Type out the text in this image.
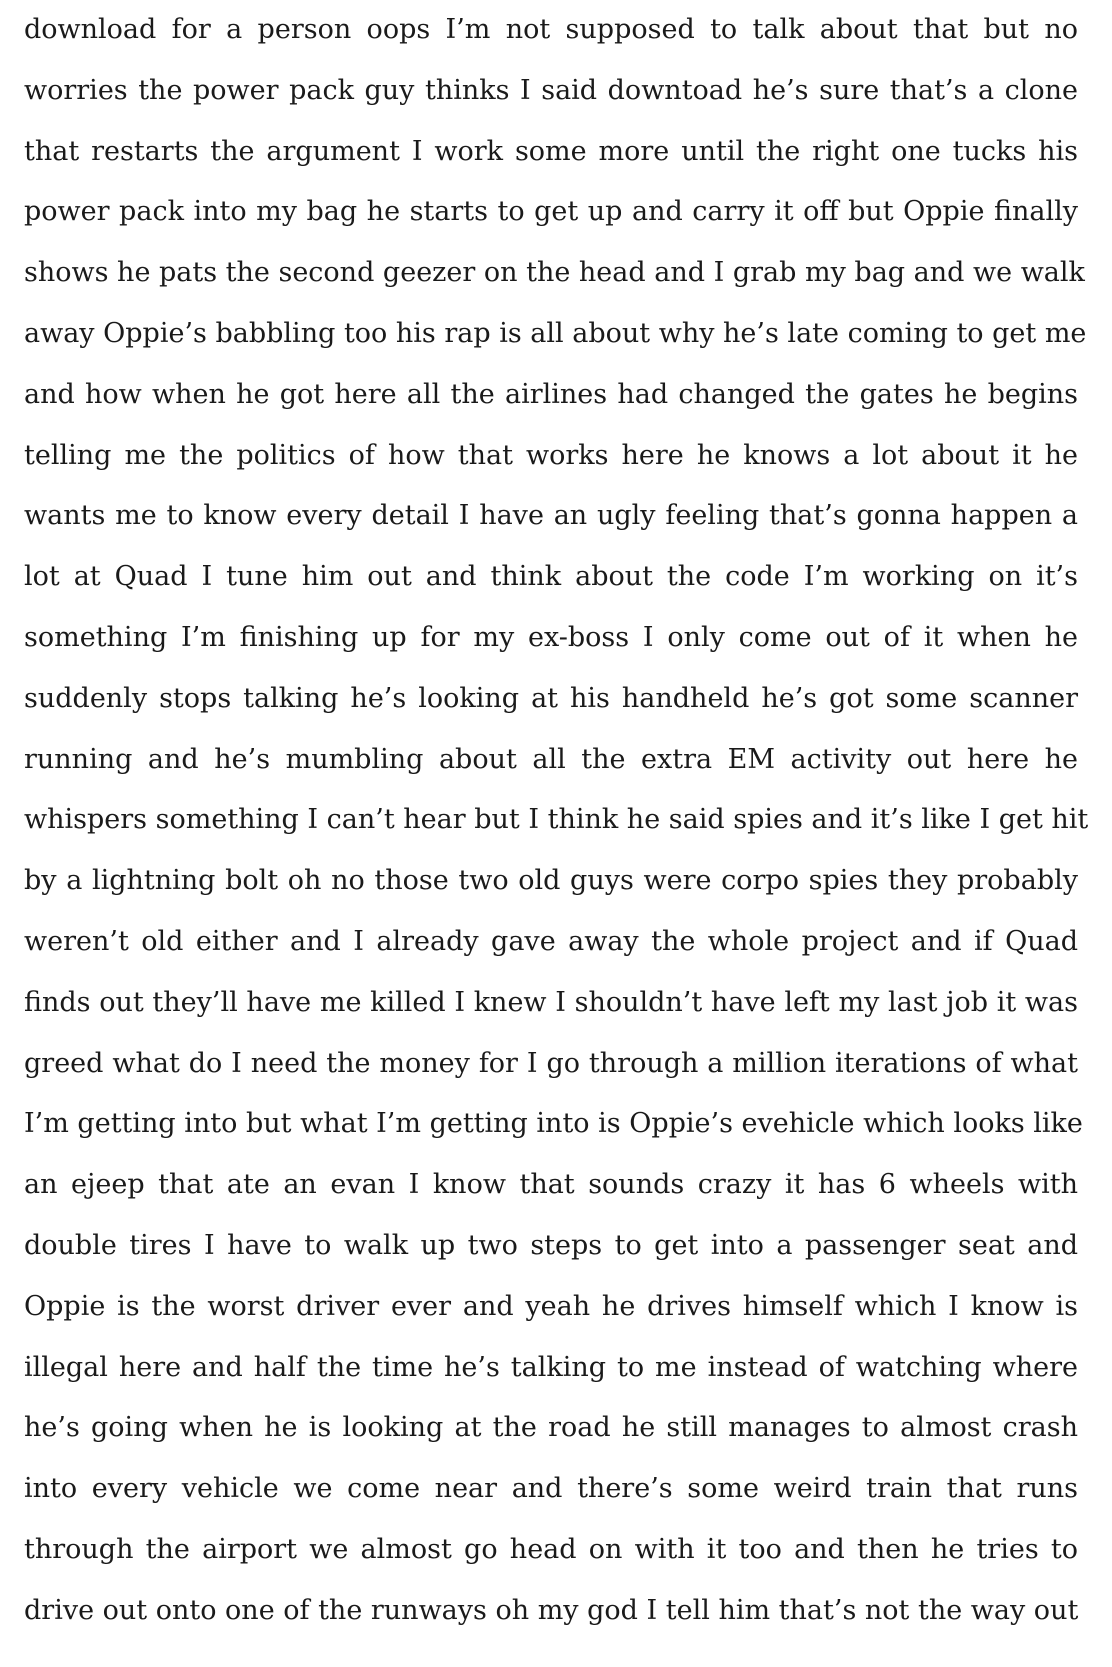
download for a person oops I’m not supposed to talk about that but no
worries the power pack guy thinks I said downtoad he’s sure that’s a clone
that restarts the argument I work some more until the right one tucks his
power pack into my bag he starts to get up and carry it off but Oppie finally
shows he pats the second geezer on the head and I grab my bag and we walk
away Oppie’s babbling too his rap is all about why he’s late coming to get me
and how when he got here all the airlines had changed the gates he begins
telling me the politics of how that works here he knows a lot about it he
wants me to know every detail I have an ugly feeling that’s gonna happen a
lot at Quad I tune him out and think about the code I’m working on it’s
something I’m finishing up for my ex-boss I only come out of it when he
suddenly stops talking he’s looking at his handheld he’s got some scanner
running and he’s mumbling about all the extra EM activity out here he
whispers something I can’t hear but I think he said spies and it’s like I get hit
by a lightning bolt oh no those two old guys were corpo spies they probably
weren’t old either and I already gave away the whole project and if Quad
finds out they’ll have me killed I knew I shouldn’t have left my last job it was
greed what do I need the money for I go through a million iterations of what
I’m getting into but what I’m getting into is Oppie’s evehicle which looks like
an ejeep that ate an evan I know that sounds crazy it has 6 wheels with
double tires I have to walk up two steps to get into a passenger seat and
Oppie is the worst driver ever and yeah he drives himself which I know is
illegal here and half the time he’s talking to me instead of watching where
he’s going when he is looking at the road he still manages to almost crash
into every vehicle we come near and there’s some weird train that runs
through the airport we almost go head on with it too and then he tries to
drive out onto one of the runways oh my god I tell him that’s not the way out
